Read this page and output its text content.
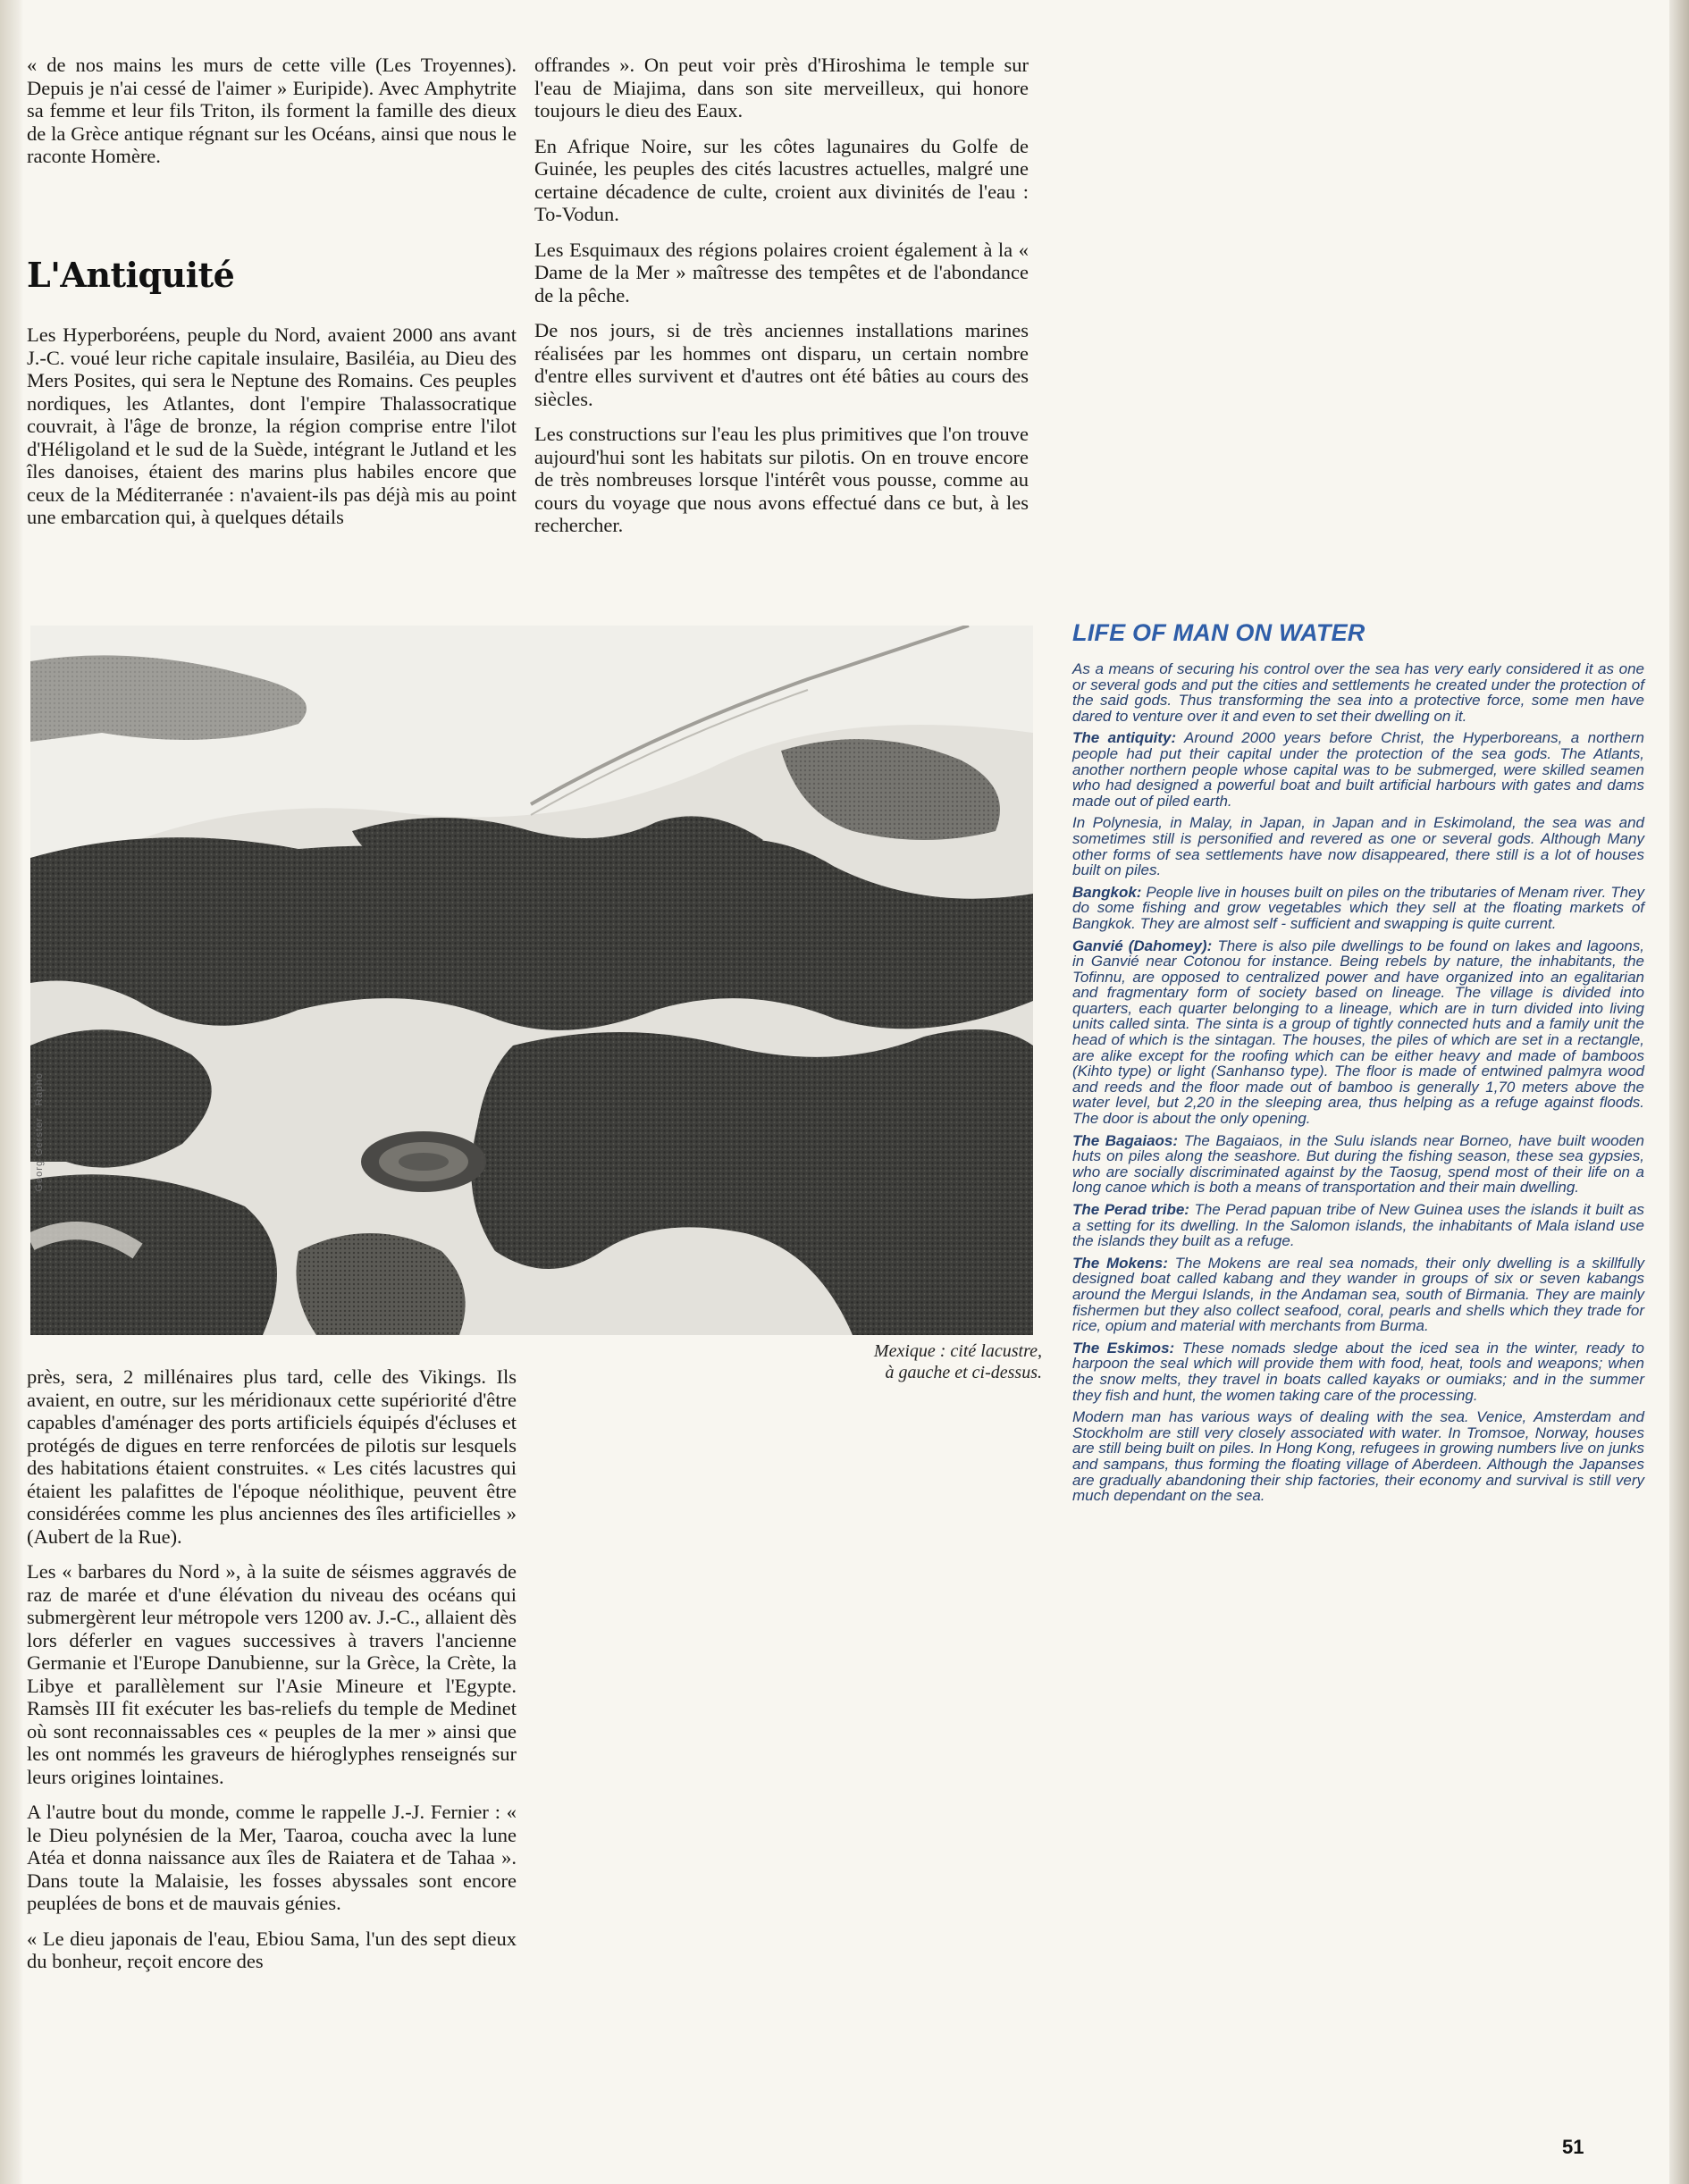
« de nos mains les murs de cette ville (Les Troyennes). Depuis je n'ai cessé de l'aimer » Euripide). Avec Amphytrite sa femme et leur fils Triton, ils forment la famille des dieux de la Grèce antique régnant sur les Océans, ainsi que nous le raconte Homère.

L'Antiquité

Les Hyperboréens, peuple du Nord, avaient 2000 ans avant J.-C. voué leur riche capitale insulaire, Basiléia, au Dieu des Mers Posites, qui sera le Neptune des Romains. Ces peuples nordiques, les Atlantes, dont l'empire Thalassocratique couvrait, à l'âge de bronze, la région comprise entre l'ilot d'Héligoland et le sud de la Suède, intégrant le Jutland et les îles danoises, étaient des marins plus habiles encore que ceux de la Méditerranée : n'avaient-ils pas déjà mis au point une embarcation qui, à quelques détails

offrandes ». On peut voir près d'Hiroshima le temple sur l'eau de Miajima, dans son site merveilleux, qui honore toujours le dieu des Eaux.

En Afrique Noire, sur les côtes lagunaires du Golfe de Guinée, les peuples des cités lacustres actuelles, malgré une certaine décadence de culte, croient aux divinités de l'eau : To-Vodun.

Les Esquimaux des régions polaires croient également à la « Dame de la Mer » maîtresse des tempêtes et de l'abondance de la pêche.

De nos jours, si de très anciennes installations marines réalisées par les hommes ont disparu, un certain nombre d'entre elles survivent et d'autres ont été bâties au cours des siècles.

Les constructions sur l'eau les plus primitives que l'on trouve aujourd'hui sont les habitats sur pilotis. On en trouve encore de très nombreuses lorsque l'intérêt vous pousse, comme au cours du voyage que nous avons effectué dans ce but, à les rechercher.

Georg Gerster - Rapho
Mexique : cité lacustre,
à gauche et ci-dessus.

près, sera, 2 millénaires plus tard, celle des Vikings. Ils avaient, en outre, sur les méridionaux cette supériorité d'être capables d'aménager des ports artificiels équipés d'écluses et protégés de digues en terre renforcées de pilotis sur lesquels des habitations étaient construites. « Les cités lacustres qui étaient les palafittes de l'époque néolithique, peuvent être considérées comme les plus anciennes des îles artificielles » (Aubert de la Rue).

Les « barbares du Nord », à la suite de séismes aggravés de raz de marée et d'une élévation du niveau des océans qui submergèrent leur métropole vers 1200 av. J.-C., allaient dès lors déferler en vagues successives à travers l'ancienne Germanie et l'Europe Danubienne, sur la Grèce, la Crète, la Libye et parallèlement sur l'Asie Mineure et l'Egypte. Ramsès III fit exécuter les bas-reliefs du temple de Medinet où sont reconnaissables ces « peuples de la mer » ainsi que les ont nommés les graveurs de hiéroglyphes renseignés sur leurs origines lointaines.

A l'autre bout du monde, comme le rappelle J.-J. Fernier : « le Dieu polynésien de la Mer, Taaroa, coucha avec la lune Atéa et donna naissance aux îles de Raiatera et de Tahaa ». Dans toute la Malaisie, les fosses abyssales sont encore peuplées de bons et de mauvais génies.

« Le dieu japonais de l'eau, Ebiou Sama, l'un des sept dieux du bonheur, reçoit encore des

LIFE OF MAN ON WATER

As a means of securing his control over the sea has very early considered it as one or several gods and put the cities and settlements he created under the protection of the said gods. Thus transforming the sea into a protective force, some men have dared to venture over it and even to set their dwelling on it.

The antiquity: Around 2000 years before Christ, the Hyperboreans, a northern people had put their capital under the protection of the sea gods. The Atlants, another northern people whose capital was to be submerged, were skilled seamen who had designed a powerful boat and built artificial harbours with gates and dams made out of piled earth.

In Polynesia, in Malay, in Japan, in Japan and in Eskimoland, the sea was and sometimes still is personified and revered as one or several gods. Although Many other forms of sea settlements have now disappeared, there still is a lot of houses built on piles.

Bangkok: People live in houses built on piles on the tributaries of Menam river. They do some fishing and grow vegetables which they sell at the floating markets of Bangkok. They are almost self - sufficient and swapping is quite current.

Ganvié (Dahomey): There is also pile dwellings to be found on lakes and lagoons, in Ganvié near Cotonou for instance. Being rebels by nature, the inhabitants, the Tofinnu, are opposed to centralized power and have organized into an egalitarian and fragmentary form of society based on lineage. The village is divided into quarters, each quarter belonging to a lineage, which are in turn divided into living units called sinta. The sinta is a group of tightly connected huts and a family unit the head of which is the sintagan. The houses, the piles of which are set in a rectangle, are alike except for the roofing which can be either heavy and made of bamboos (Kihto type) or light (Sanhanso type). The floor is made of entwined palmyra wood and reeds and the floor made out of bamboo is generally 1,70 meters above the water level, but 2,20 in the sleeping area, thus helping as a refuge against floods. The door is about the only opening.

The Bagaiaos: The Bagaiaos, in the Sulu islands near Borneo, have built wooden huts on piles along the seashore. But during the fishing season, these sea gypsies, who are socially discriminated against by the Taosug, spend most of their life on a long canoe which is both a means of transportation and their main dwelling.

The Perad tribe: The Perad papuan tribe of New Guinea uses the islands it built as a setting for its dwelling. In the Salomon islands, the inhabitants of Mala island use the islands they built as a refuge.

The Mokens: The Mokens are real sea nomads, their only dwelling is a skillfully designed boat called kabang and they wander in groups of six or seven kabangs around the Mergui Islands, in the Andaman sea, south of Birmania. They are mainly fishermen but they also collect seafood, coral, pearls and shells which they trade for rice, opium and material with merchants from Burma.

The Eskimos: These nomads sledge about the iced sea in the winter, ready to harpoon the seal which will provide them with food, heat, tools and weapons; when the snow melts, they travel in boats called kayaks or oumiaks; and in the summer they fish and hunt, the women taking care of the processing.

Modern man has various ways of dealing with the sea. Venice, Amsterdam and Stockholm are still very closely associated with water. In Tromsoe, Norway, houses are still being built on piles. In Hong Kong, refugees in growing numbers live on junks and sampans, thus forming the floating village of Aberdeen. Although the Japanses are gradually abandoning their ship factories, their economy and survival is still very much dependant on the sea.

51
